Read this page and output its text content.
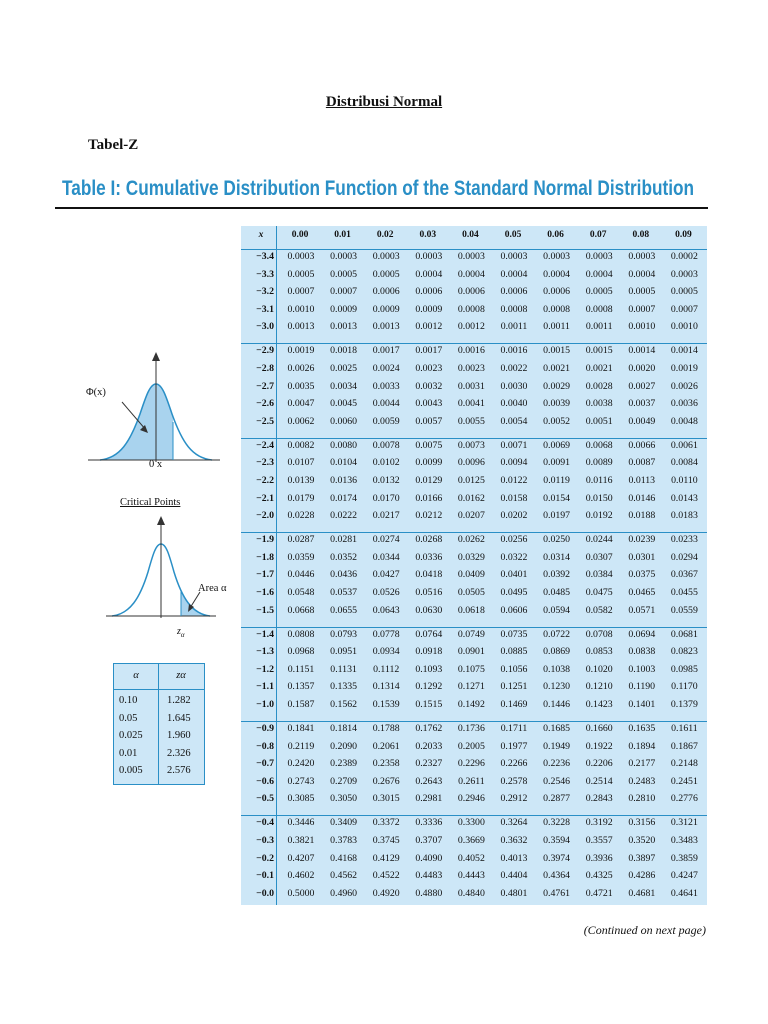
Distribusi Normal
Tabel-Z
Table I: Cumulative Distribution Function of the Standard Normal Distribution
Φ(x)
0 x
Critical Points
Area α
$z_\alpha$
α	zα
0.10	1.282
0.05	1.645
0.025 1.960
0.01	2.326
0.005 2.576
x	0.00	0.01	0.02	0.03	0.04	0.05	0.06	0.07	0.08	0.09
−3.4	0.0003	0.0003	0.0003	0.0003	0.0003	0.0003	0.0003	0.0003	0.0003	0.0002
−3.3	0.0005	0.0005	0.0005	0.0004	0.0004	0.0004	0.0004	0.0004	0.0004	0.0003
−3.2	0.0007	0.0007	0.0006	0.0006	0.0006	0.0006	0.0006	0.0005	0.0005	0.0005
−3.1	0.0010	0.0009	0.0009	0.0009	0.0008	0.0008	0.0008	0.0008	0.0007	0.0007
−3.0	0.0013	0.0013	0.0013	0.0012	0.0012	0.0011	0.0011	0.0011	0.0010	0.0010
−2.9	0.0019	0.0018	0.0017	0.0017	0.0016	0.0016	0.0015	0.0015	0.0014	0.0014
−2.8	0.0026	0.0025	0.0024	0.0023	0.0023	0.0022	0.0021	0.0021	0.0020	0.0019
−2.7	0.0035	0.0034	0.0033	0.0032	0.0031	0.0030	0.0029	0.0028	0.0027	0.0026
−2.6	0.0047	0.0045	0.0044	0.0043	0.0041	0.0040	0.0039	0.0038	0.0037	0.0036
−2.5	0.0062	0.0060	0.0059	0.0057	0.0055	0.0054	0.0052	0.0051	0.0049	0.0048
−2.4	0.0082	0.0080	0.0078	0.0075	0.0073	0.0071	0.0069	0.0068	0.0066	0.0061
−2.3	0.0107	0.0104	0.0102	0.0099	0.0096	0.0094	0.0091	0.0089	0.0087	0.0084
−2.2	0.0139	0.0136	0.0132	0.0129	0.0125	0.0122	0.0119	0.0116	0.0113	0.0110
−2.1	0.0179	0.0174	0.0170	0.0166	0.0162	0.0158	0.0154	0.0150	0.0146	0.0143
−2.0	0.0228	0.0222	0.0217	0.0212	0.0207	0.0202	0.0197	0.0192	0.0188	0.0183
−1.9	0.0287	0.0281	0.0274	0.0268	0.0262	0.0256	0.0250	0.0244	0.0239	0.0233
−1.8	0.0359	0.0352	0.0344	0.0336	0.0329	0.0322	0.0314	0.0307	0.0301	0.0294
−1.7	0.0446	0.0436	0.0427	0.0418	0.0409	0.0401	0.0392	0.0384	0.0375	0.0367
−1.6	0.0548	0.0537	0.0526	0.0516	0.0505	0.0495	0.0485	0.0475	0.0465	0.0455
−1.5	0.0668	0.0655	0.0643	0.0630	0.0618	0.0606	0.0594	0.0582	0.0571	0.0559
−1.4	0.0808	0.0793	0.0778	0.0764	0.0749	0.0735	0.0722	0.0708	0.0694	0.0681
−1.3	0.0968	0.0951	0.0934	0.0918	0.0901	0.0885	0.0869	0.0853	0.0838	0.0823
−1.2	0.1151	0.1131	0.1112	0.1093	0.1075	0.1056	0.1038	0.1020	0.1003	0.0985
−1.1	0.1357	0.1335	0.1314	0.1292	0.1271	0.1251	0.1230	0.1210	0.1190	0.1170
−1.0	0.1587	0.1562	0.1539	0.1515	0.1492	0.1469	0.1446	0.1423	0.1401	0.1379
−0.9	0.1841	0.1814	0.1788	0.1762	0.1736	0.1711	0.1685	0.1660	0.1635	0.1611
−0.8	0.2119	0.2090	0.2061	0.2033	0.2005	0.1977	0.1949	0.1922	0.1894	0.1867
−0.7	0.2420	0.2389	0.2358	0.2327	0.2296	0.2266	0.2236	0.2206	0.2177	0.2148
−0.6	0.2743	0.2709	0.2676	0.2643	0.2611	0.2578	0.2546	0.2514	0.2483	0.2451
−0.5	0.3085	0.3050	0.3015	0.2981	0.2946	0.2912	0.2877	0.2843	0.2810	0.2776
−0.4	0.3446	0.3409	0.3372	0.3336	0.3300	0.3264	0.3228	0.3192	0.3156	0.3121
−0.3	0.3821	0.3783	0.3745	0.3707	0.3669	0.3632	0.3594	0.3557	0.3520	0.3483
−0.2	0.4207	0.4168	0.4129	0.4090	0.4052	0.4013	0.3974	0.3936	0.3897	0.3859
−0.1	0.4602	0.4562	0.4522	0.4483	0.4443	0.4404	0.4364	0.4325	0.4286	0.4247
−0.0	0.5000	0.4960	0.4920	0.4880	0.4840	0.4801	0.4761	0.4721	0.4681	0.4641
(Continued on next page)
